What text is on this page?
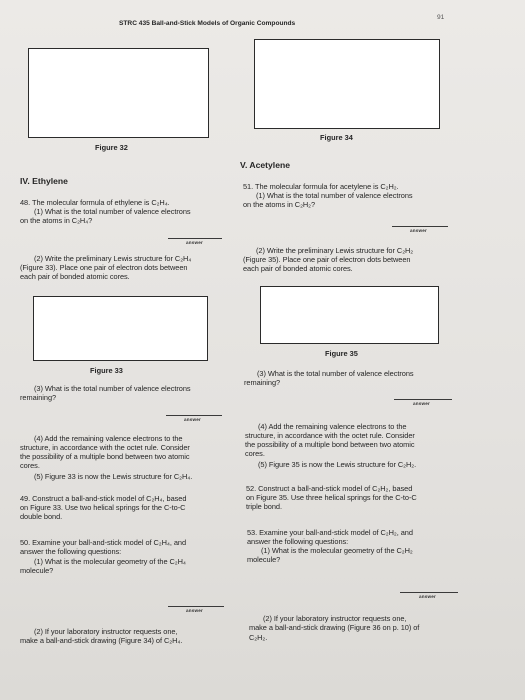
STRC 435 Ball-and-Stick Models of Organic Compounds
91
Figure 32
Figure 34
IV. Ethylene
48. The molecular formula of ethylene is C₂H₄.
(1) What is the total number of valence electrons
on the atoms in C₂H₄?
answer
(2) Write the preliminary Lewis structure for C₂H₄
(Figure 33). Place one pair of electron dots between
each pair of bonded atomic cores.
Figure 33
(3) What is the total number of valence electrons
remaining?
answer
(4) Add the remaining valence electrons to the
structure, in accordance with the octet rule. Consider
the possibility of a multiple bond between two atomic
cores.
(5) Figure 33 is now the Lewis structure for C₂H₄.
49. Construct a ball-and-stick model of C₂H₄, based
on Figure 33. Use two helical springs for the C-to-C
double bond.
50. Examine your ball-and-stick model of C₂H₄, and
answer the following questions:
(1) What is the molecular geometry of the C₂H₄
molecule?
answer
(2) If your laboratory instructor requests one,
make a ball-and-stick drawing (Figure 34) of C₂H₄.
V. Acetylene
51. The molecular formula for acetylene is C₂H₂.
(1) What is the total number of valence electrons
on the atoms in C₂H₂?
answer
(2) Write the preliminary Lewis structure for C₂H₂
(Figure 35). Place one pair of electron dots between
each pair of bonded atomic cores.
Figure 35
(3) What is the total number of valence electrons
remaining?
answer
(4) Add the remaining valence electrons to the
structure, in accordance with the octet rule. Consider
the possibility of a multiple bond between two atomic
cores.
(5) Figure 35 is now the Lewis structure for C₂H₂.
52. Construct a ball-and-stick model of C₂H₂, based
on Figure 35. Use three helical springs for the C-to-C
triple bond.
53. Examine your ball-and-stick model of C₂H₂, and
answer the following questions:
(1) What is the molecular geometry of the C₂H₂
molecule?
answer
(2) If your laboratory instructor requests one,
make a ball-and-stick drawing (Figure 36 on p. 10) of
C₂H₂.
